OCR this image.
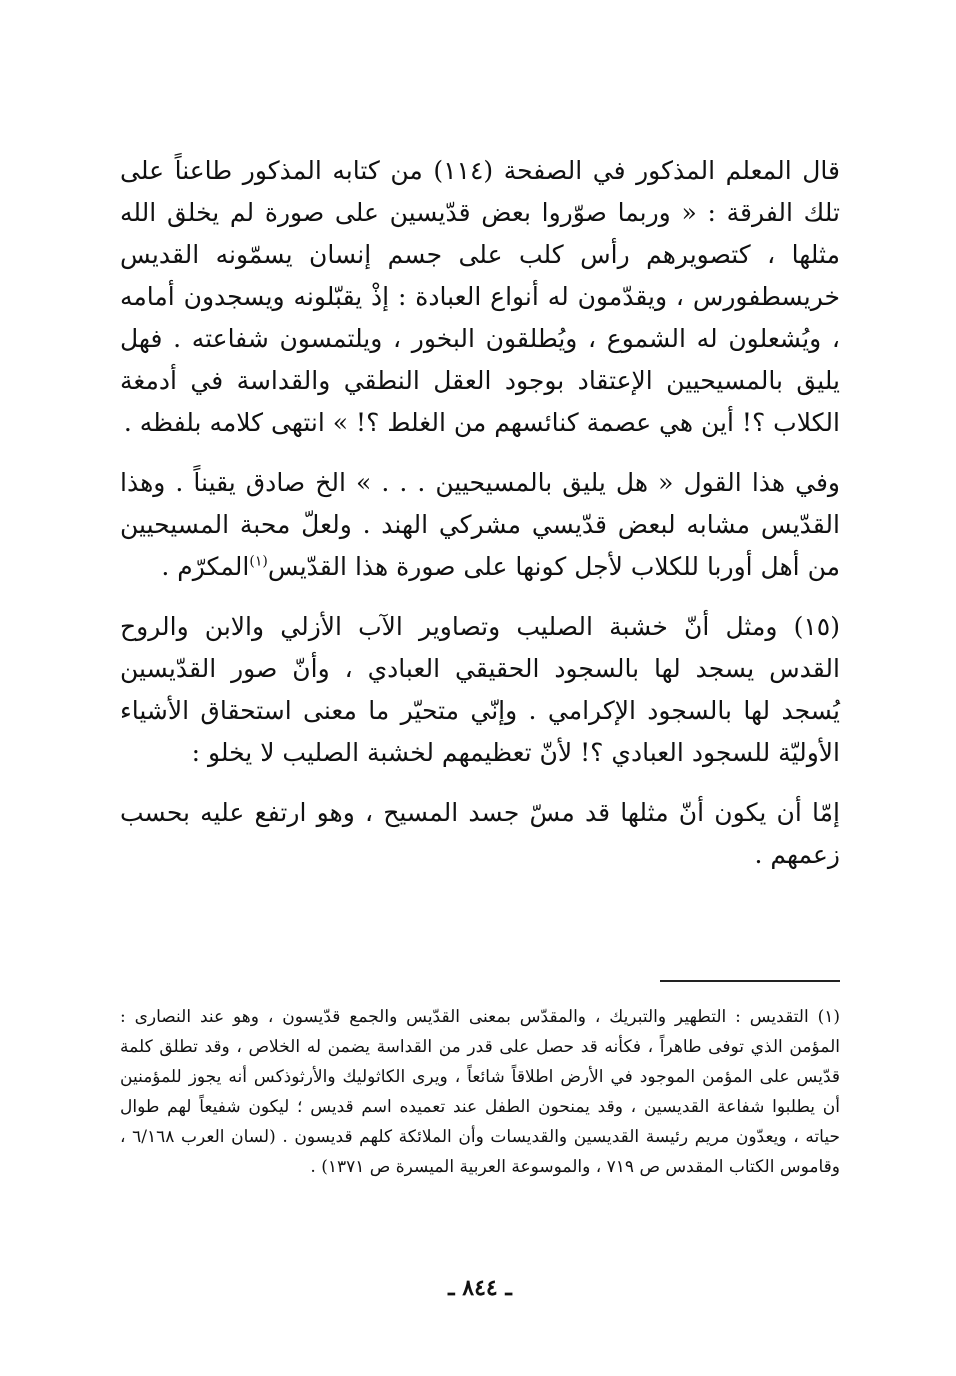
قال المعلم المذكور في الصفحة (١١٤) من كتابه المذكور طاعناً على تلك الفرقة : « وربما صوّروا بعض قدّيسين على صورة لم يخلق الله مثلها ، كتصويرهم رأس كلب على جسم إنسان يسمّونه القديس خريسطفورس ، ويقدّمون له أنواع العبادة : إذْ يقبّلونه ويسجدون أمامه ، ويُشعلون له الشموع ، ويُطلقون البخور ، ويلتمسون شفاعته . فهل يليق بالمسيحيين الإعتقاد بوجود العقل النطقي والقداسة في أدمغة الكلاب ؟! أين هي عصمة كنائسهم من الغلط ؟! » انتهى كلامه بلفظه .

وفي هذا القول « هل يليق بالمسيحيين . . . » الخ صادق يقيناً . وهذا القدّيس مشابه لبعض قدّيسي مشركي الهند . ولعلّ محبة المسيحيين من أهل أوربا للكلاب لأجل كونها على صورة هذا القدّيس$^{(١)}$المكرّم .

(١٥) ومثل أنّ خشبة الصليب وتصاوير الآب الأزلي والابن والروح القدس يسجد لها بالسجود الحقيقي العبادي ، وأنّ صور القدّيسين يُسجد لها بالسجود الإكرامي . وإنّي متحيّر ما معنى استحقاق الأشياء الأوليّة للسجود العبادي ؟! لأنّ تعظيمهم لخشبة الصليب لا يخلو :

إمّا أن يكون أنّ مثلها قد مسّ جسد المسيح ، وهو ارتفع عليه بحسب زعمهم .

(١) التقديس : التطهير والتبريك ، والمقدّس بمعنى القدّيس والجمع قدّيسون ، وهو عند النصارى : المؤمن الذي توفى طاهراً ، فكأنه قد حصل على قدر من القداسة يضمن له الخلاص ، وقد تطلق كلمة قدّيس على المؤمن الموجود في الأرض اطلاقاً شائعاً ، ويرى الكاثوليك والأرثوذكس أنه يجوز للمؤمنين أن يطلبوا شفاعة القديسين ، وقد يمنحون الطفل عند تعميده اسم قديس ؛ ليكون شفيعاً لهم طوال حياته ، ويعدّون مريم رئيسة القديسين والقديسات وأن الملائكة كلهم قديسون . (لسان العرب ٦/١٦٨ ، وقاموس الكتاب المقدس ص ٧١٩ ، والموسوعة العربية الميسرة ص ١٣٧١) .

ـ ٨٤٤ ـ
